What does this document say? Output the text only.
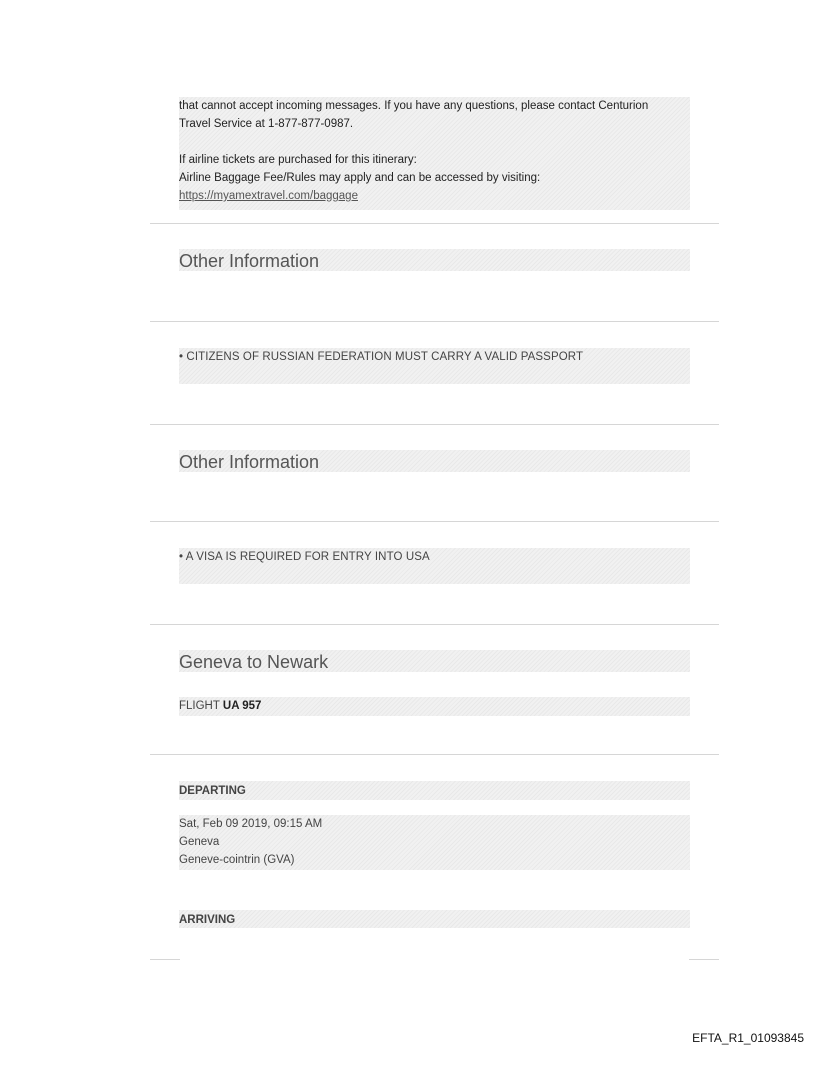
that cannot accept incoming messages. If you have any questions, please contact Centurion
Travel Service at 1-877-877-0987.
If airline tickets are purchased for this itinerary:
Airline Baggage Fee/Rules may apply and can be accessed by visiting:
https://myamextravel.com/baggage
Other Information
• CITIZENS OF RUSSIAN FEDERATION MUST CARRY A VALID PASSPORT
Other Information
• A VISA IS REQUIRED FOR ENTRY INTO USA
Geneva to Newark
FLIGHT UA 957
DEPARTING
Sat, Feb 09 2019, 09:15 AM
Geneva
Geneve-cointrin (GVA)
ARRIVING
EFTA_R1_01093845
